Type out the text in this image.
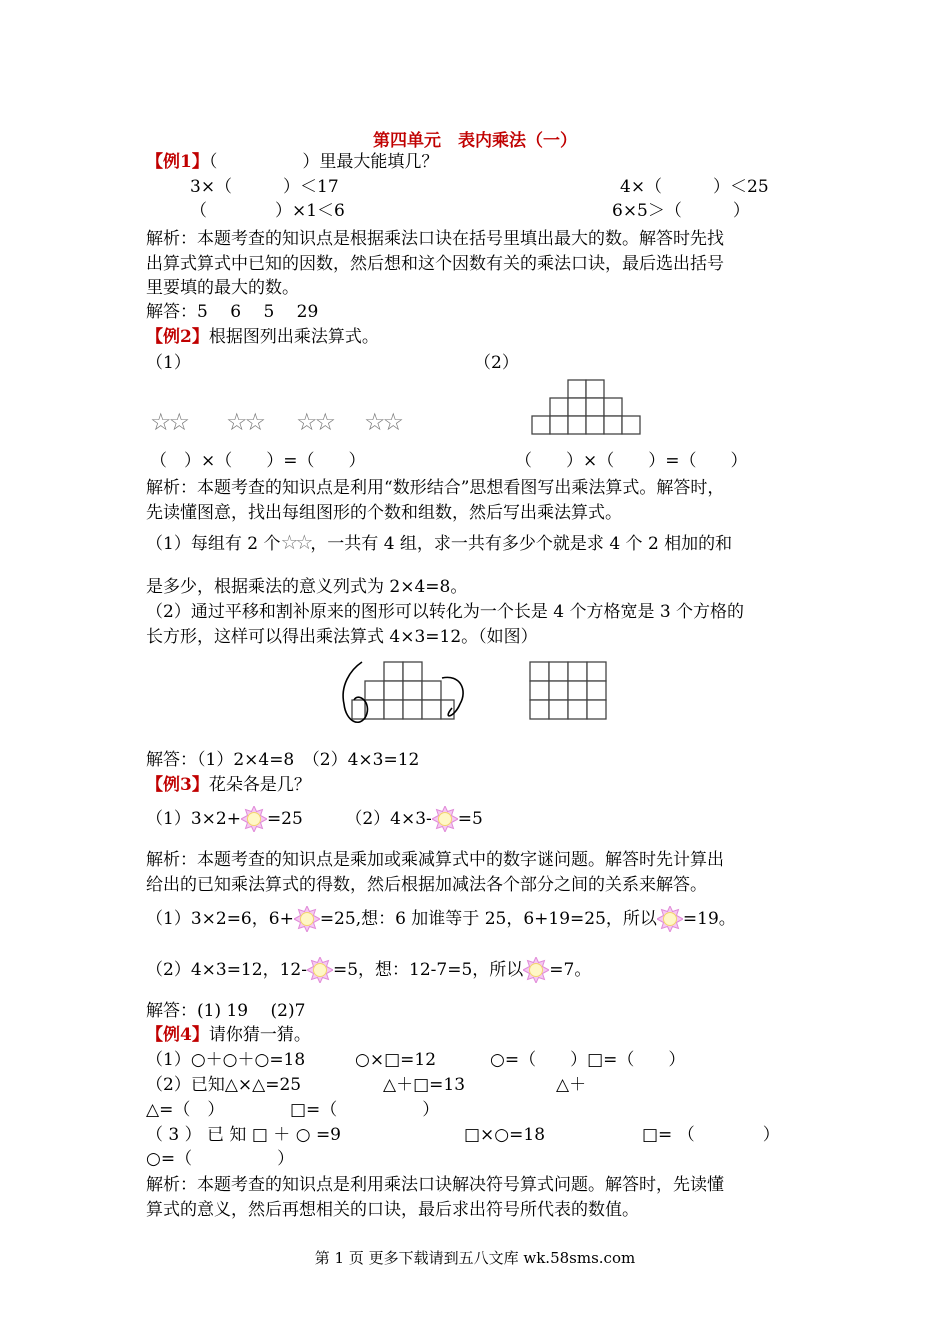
第四单元　表内乘法（一）
【例1】（　　　　　）里最大能填几？
3×（　　　）＜17	4×（　　　）＜25
（　　　　）×1＜6	6×5＞（　　　）
解析：本题考查的知识点是根据乘法口诀在括号里填出最大的数。解答时先找
出算式算式中已知的因数，然后想和这个因数有关的乘法口诀，最后选出括号
里要填的最大的数。
解答：5　 6　 5　 29
【例2】根据图列出乘法算式。
（1）	（2）
☆☆ ☆☆ ☆☆ ☆☆
（　）×（　　）=（　　）	（　　）×（　　）=（　　）
解析：本题考查的知识点是利用“数形结合”思想看图写出乘法算式。解答时，
先读懂图意，找出每组图形的个数和组数，然后写出乘法算式。
（1）每组有 2 个☆☆，一共有 4 组，求一共有多少个就是求 4 个 2 相加的和
是多少，根据乘法的意义列式为 2×4=8。
（2）通过平移和割补原来的图形可以转化为一个长是 4 个方格宽是 3 个方格的
长方形，这样可以得出乘法算式 4×3=12。（如图）
解答：（1）2×4=8　（2）4×3=12
【例3】花朵各是几？
（1）3×2+ =25　　　	（2）4×3- =5
解析：本题考查的知识点是乘加或乘减算式中的数字谜问题。解答时先计算出
给出的已知乘法算式的得数，然后根据加减法各个部分之间的关系来解答。
（1）3×2=6，6+ =25,想：6 加谁等于 25，6+19=25，所以 =19。
（2）4×3=12，12- =5，想：12-7=5，所以 =7。
解答：(1) 19　 (2)7
【例4】请你猜一猜。
（1）○＋○＋○=18	○×□=12	○=（　　）□=（　　）
（2）已知△×△=25	△＋□=13	△＋
△=（　）	□=（　　　　　）
（ 3 ） 已 知 □ ＋ ○ =9	□×○=18	□= （　　　　）
○=（　　　　　）
解析：本题考查的知识点是利用乘法口诀解决符号算式问题。解答时，先读懂
算式的意义，然后再想相关的口诀，最后求出符号所代表的数值。
第 1 页 更多下载请到五八文库 wk.58sms.com
